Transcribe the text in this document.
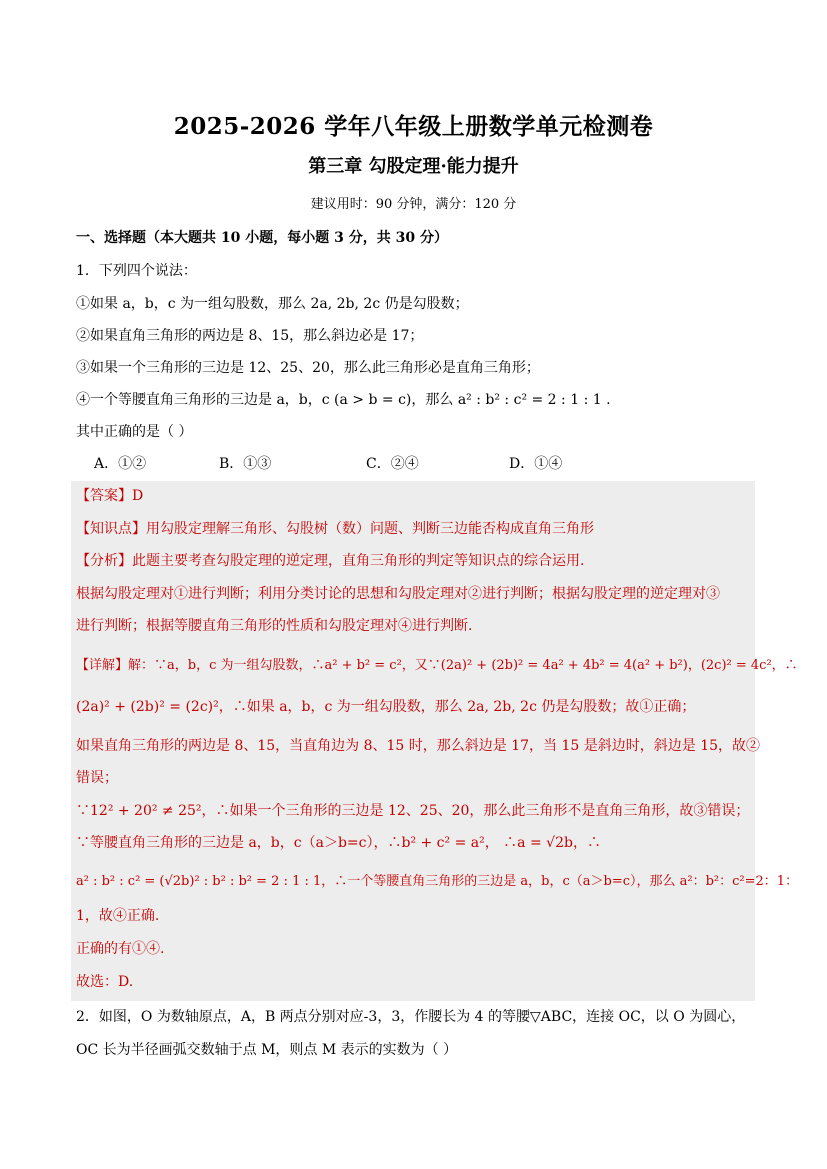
2025-2026 学年八年级上册数学单元检测卷
第三章 勾股定理·能力提升
建议用时：90 分钟，满分：120 分
一、选择题（本大题共 10 小题，每小题 3 分，共 30 分）
1．下列四个说法：
①如果 a，b，c 为一组勾股数，那么 2a, 2b, 2c 仍是勾股数；
②如果直角三角形的两边是 8、15，那么斜边必是 17；
③如果一个三角形的三边是 12、25、20，那么此三角形必是直角三角形；
④一个等腰直角三角形的三边是 a，b，c (a > b = c)，那么 a² : b² : c² = 2 : 1 : 1 .
其中正确的是（ ）
A．①②	B．①③	C．②④	D．①④
【答案】D
【知识点】用勾股定理解三角形、勾股树（数）问题、判断三边能否构成直角三角形
【分析】此题主要考查勾股定理的逆定理，直角三角形的判定等知识点的综合运用.
根据勾股定理对①进行判断；利用分类讨论的思想和勾股定理对②进行判断；根据勾股定理的逆定理对③
进行判断；根据等腰直角三角形的性质和勾股定理对④进行判断.
【详解】解：∵a，b，c 为一组勾股数，∴a² + b² = c²，又∵(2a)² + (2b)² = 4a² + 4b² = 4(a² + b²)，(2c)² = 4c²，∴
(2a)² + (2b)² = (2c)²，∴如果 a，b，c 为一组勾股数，那么 2a, 2b, 2c 仍是勾股数；故①正确；
如果直角三角形的两边是 8、15，当直角边为 8、15 时，那么斜边是 17，当 15 是斜边时，斜边是 15，故②
错误；
∵12² + 20² ≠ 25²，∴如果一个三角形的三边是 12、25、20，那么此三角形不是直角三角形，故③错误；
∵等腰直角三角形的三边是 a，b，c（a＞b=c），∴b² + c² = a²， ∴a = √2b，∴
a² : b² : c² = (√2b)² : b² : b² = 2 : 1 : 1，∴一个等腰直角三角形的三边是 a，b，c（a＞b=c），那么 a²：b²：c²=2：1：
1，故④正确.
正确的有①④.
故选：D.
2．如图，O 为数轴原点，A，B 两点分别对应-3，3，作腰长为 4 的等腰▽ABC，连接 OC，以 O 为圆心，
OC 长为半径画弧交数轴于点 M，则点 M 表示的实数为（ ）
